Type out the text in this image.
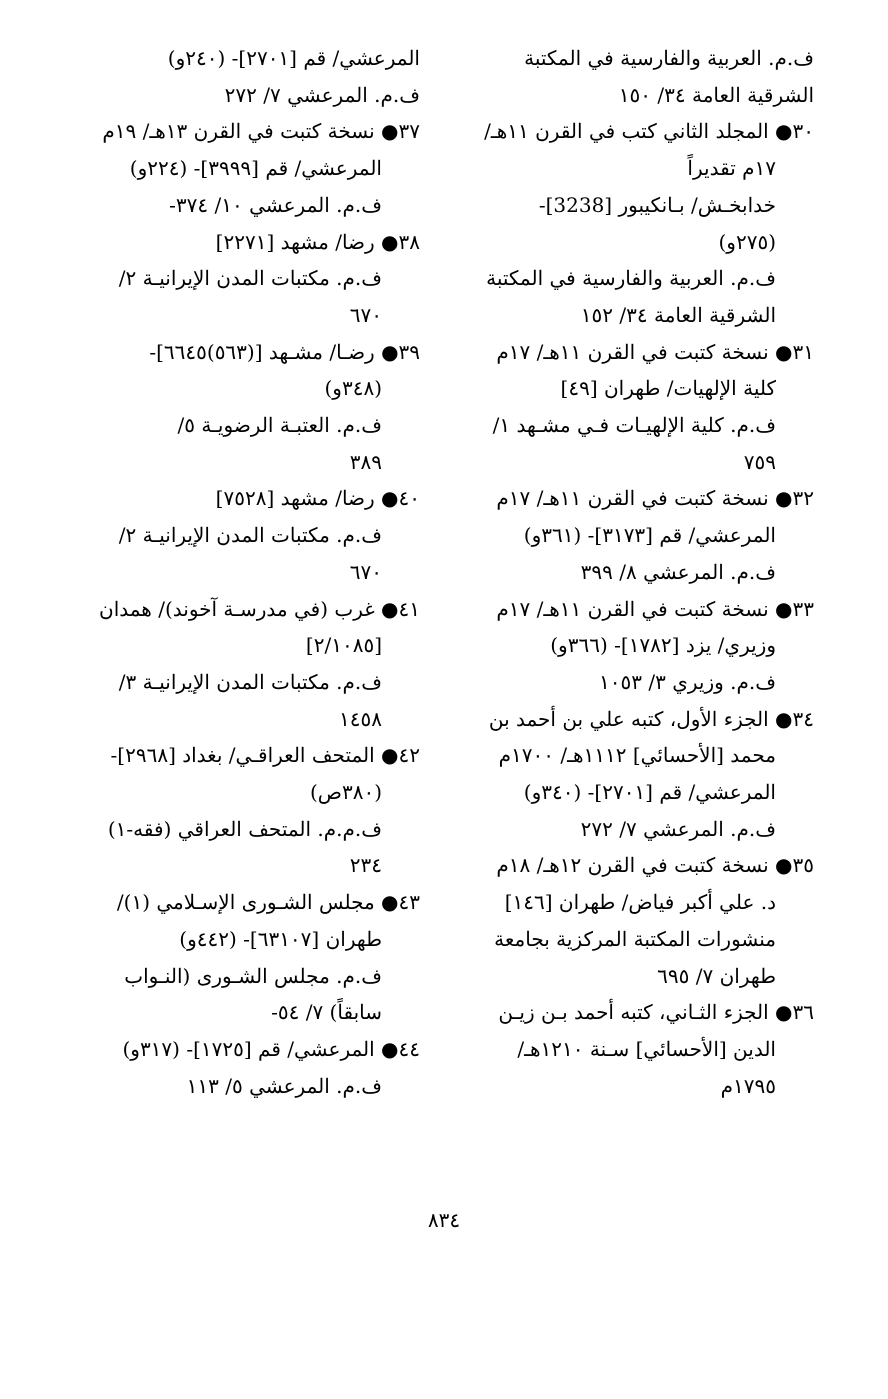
ف.م. العربية والفارسية في المكتبة
الشرقية العامة ٣٤/ ١٥٠
٣٠● المجلد الثاني كتب في القرن ١١هـ/
١٧م تقديراً
خدابخـش/ بـانكيبور [3238]-
(٢٧٥و)
ف.م. العربية والفارسية في المكتبة
الشرقية العامة ٣٤/ ١٥٢
٣١● نسخة كتبت في القرن ١١هـ/ ١٧م
كلية الإلهيات/ طهران [٤٩]
ف.م. كلية الإلهيـات فـي مشـهد ١/
٧٥٩
٣٢● نسخة كتبت في القرن ١١هـ/ ١٧م
المرعشي/ قم [٣١٧٣]- (٣٦١و)
ف.م. المرعشي ٨/ ٣٩٩
٣٣● نسخة كتبت في القرن ١١هـ/ ١٧م
وزيري/ يزد [١٧٨٢]- (٣٦٦و)
ف.م. وزيري ٣/ ١٠٥٣
٣٤● الجزء الأول، كتبه علي بن أحمد بن
محمد [الأحسائي] ١١١٢هـ/ ١٧٠٠م
المرعشي/ قم [٢٧٠١]- (٣٤٠و)
ف.م. المرعشي ٧/ ٢٧٢
٣٥● نسخة كتبت في القرن ١٢هـ/ ١٨م
د. علي أكبر فياض/ طهران [١٤٦]
منشورات المكتبة المركزية بجامعة
طهران ٧/ ٦٩٥
٣٦● الجزء الثـاني، كتبه أحمد بـن زيـن
الدين [الأحسائي] سـنة ١٢١٠هـ/
١٧٩٥م
المرعشي/ قم [٢٧٠١]- (٢٤٠و)
ف.م. المرعشي ٧/ ٢٧٢
٣٧● نسخة كتبت في القرن ١٣هـ/ ١٩م
المرعشي/ قم [٣٩٩٩]- (٢٢٤و)
ف.م. المرعشي ١٠/ ٣٧٤-
٣٨● رضا/ مشهد [٢٢٧١]
ف.م. مكتبات المدن الإيرانيـة ٢/
٦٧٠
٣٩● رضـا/ مشـهد [(٥٦٣)٦٦٤٥]-
(٣٤٨و)
ف.م. العتبـة الرضويـة ٥/
٣٨٩
٤٠● رضا/ مشهد [٧٥٢٨]
ف.م. مكتبات المدن الإيرانيـة ٢/
٦٧٠
٤١● غرب (في مدرسـة آخوند)/ همدان
[٢/١٠٨٥]
ف.م. مكتبات المدن الإيرانيـة ٣/
١٤٥٨
٤٢● المتحف العراقـي/ بغداد [٢٩٦٨]-
(٣٨٠ص)
ف.م.م. المتحف العراقي (فقه-١)
٢٣٤
٤٣● مجلس الشـورى الإسـلامي (١)/
طهران [٦٣١٠٧]- (٤٤٢و)
ف.م. مجلس الشـورى (النـواب
سابقاً) ٧/ ٥٤-
٤٤● المرعشي/ قم [١٧٢٥]- (٣١٧و)
ف.م. المرعشي ٥/ ١١٣
٨٣٤
